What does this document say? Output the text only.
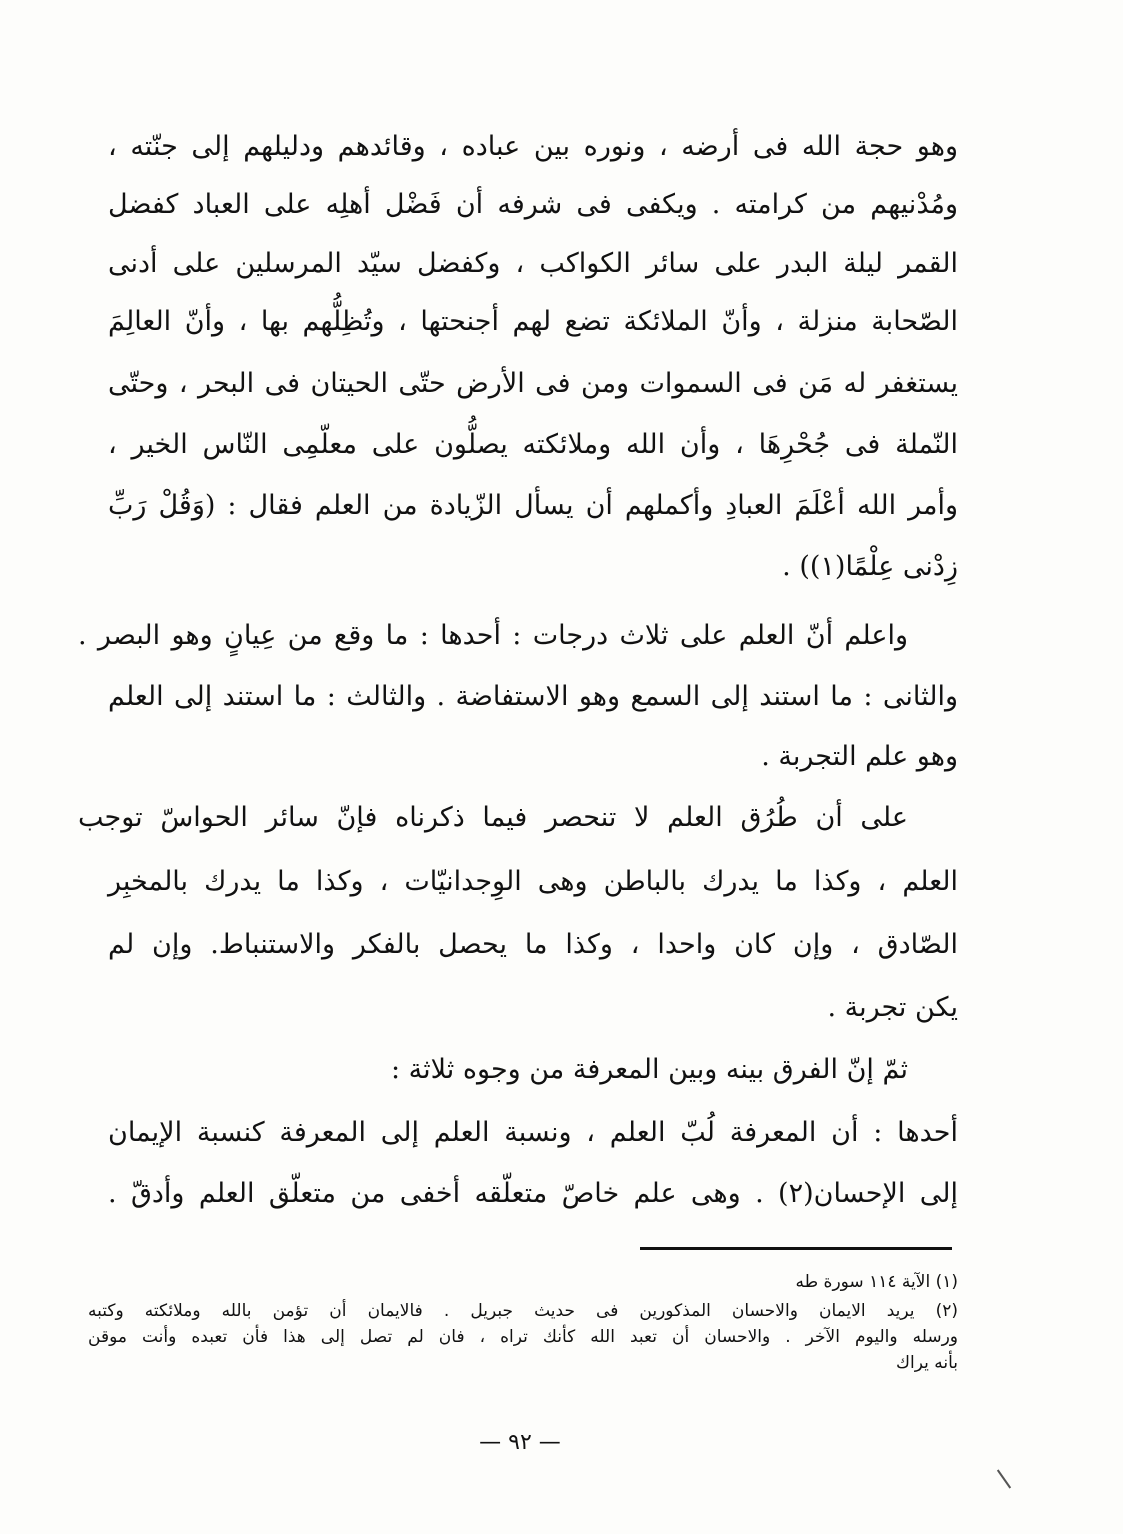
وهو حجة الله فى أرضه ، ونوره بين عباده ، وقائدهم ودليلهم إلى جنّته ،
ومُدْنيهم من كرامته . ويكفى فى شرفه أن فَضْل أهلِه على العباد كفضل
القمر ليلة البدر على سائر الكواكب ، وكفضل سيّد المرسلين على أدنى
الصّحابة منزلة ، وأنّ الملائكة تضع لهم أجنحتها ، وتُظِلُّهم بها ، وأنّ العالِمَ
يستغفر له مَن فى السموات ومن فى الأرض حتّى الحيتان فى البحر ، وحتّى
النّملة فى جُحْرِهَا ، وأن الله وملائكته يصلُّون على معلّمِى النّاس الخير ،
وأمر الله أعْلَمَ العبادِ وأكملهم أن يسأل الزّيادة من العلم فقال : (وَقُلْ رَبِّ
زِدْنى عِلْمًا(١)) .
واعلم أنّ العلم على ثلاث درجات : أحدها : ما وقع من عِيانٍ وهو البصر .
والثانى : ما استند إلى السمع وهو الاستفاضة . والثالث : ما استند إلى العلم
وهو علم التجربة .
على أن طُرُق العلم لا تنحصر فيما ذكرناه فإنّ سائر الحواسّ توجب
العلم ، وكذا ما يدرك بالباطن وهى الوِجدانيّات ، وكذا ما يدرك بالمخبِر
الصّادق ، وإن كان واحدا ، وكذا ما يحصل بالفكر والاستنباط. وإن لم
يكن تجربة .
ثمّ إنّ الفرق بينه وبين المعرفة من وجوه ثلاثة :
أحدها : أن المعرفة لُبّ العلم ، ونسبة العلم إلى المعرفة كنسبة الإيمان
إلى الإحسان(٢) . وهى علم خاصّ متعلّقه أخفى من متعلّق العلم وأدقّ .
(١) الآية ١١٤ سورة طه
(٢) يريد الايمان والاحسان المذكورين فى حديث جبريل . فالايمان أن تؤمن بالله وملائكته وكتبه
ورسله واليوم الآخر . والاحسان أن تعبد الله كأنك تراه ، فان لم تصل إلى هذا فأن تعبده وأنت موقن
بأنه يراك
— ٩٢ —
